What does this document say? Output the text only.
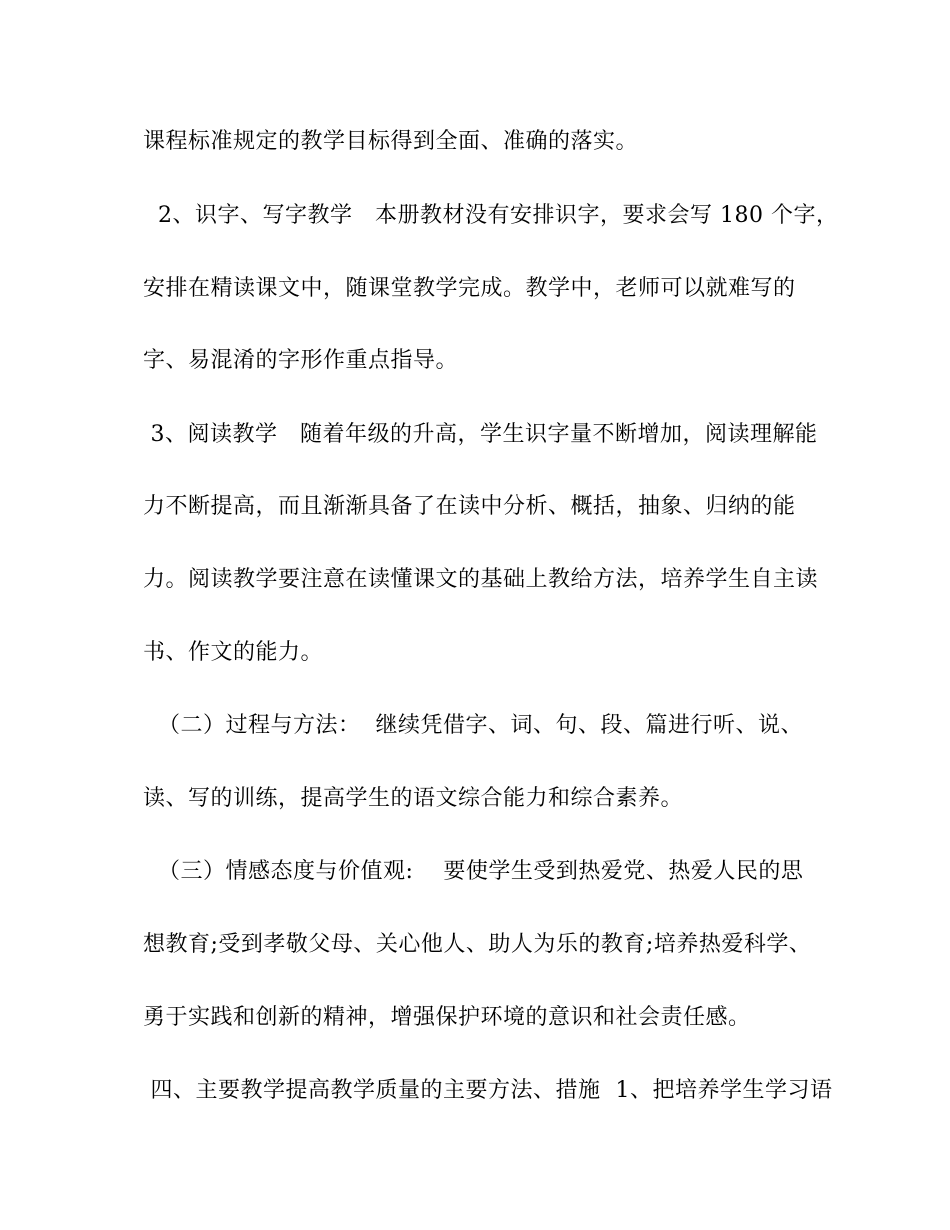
课程标准规定的教学目标得到全面、准确的落实。
2、识字、写字教学   本册教材没有安排识字，要求会写 180 个字，
安排在精读课文中，随课堂教学完成。教学中，老师可以就难写的
字、易混淆的字形作重点指导。
3、阅读教学   随着年级的升高，学生识字量不断增加，阅读理解能
力不断提高，而且渐渐具备了在读中分析、概括，抽象、归纳的能
力。阅读教学要注意在读懂课文的基础上教给方法，培养学生自主读
书、作文的能力。
（二）过程与方法：  继续凭借字、词、句、段、篇进行听、说、
读、写的训练，提高学生的语文综合能力和综合素养。
（三）情感态度与价值观:    要使学生受到热爱党、热爱人民的思
想教育;受到孝敬父母、关心他人、助人为乐的教育;培养热爱科学、
勇于实践和创新的精神，增强保护环境的意识和社会责任感。
四、主要教学提高教学质量的主要方法、措施  1、把培养学生学习语
